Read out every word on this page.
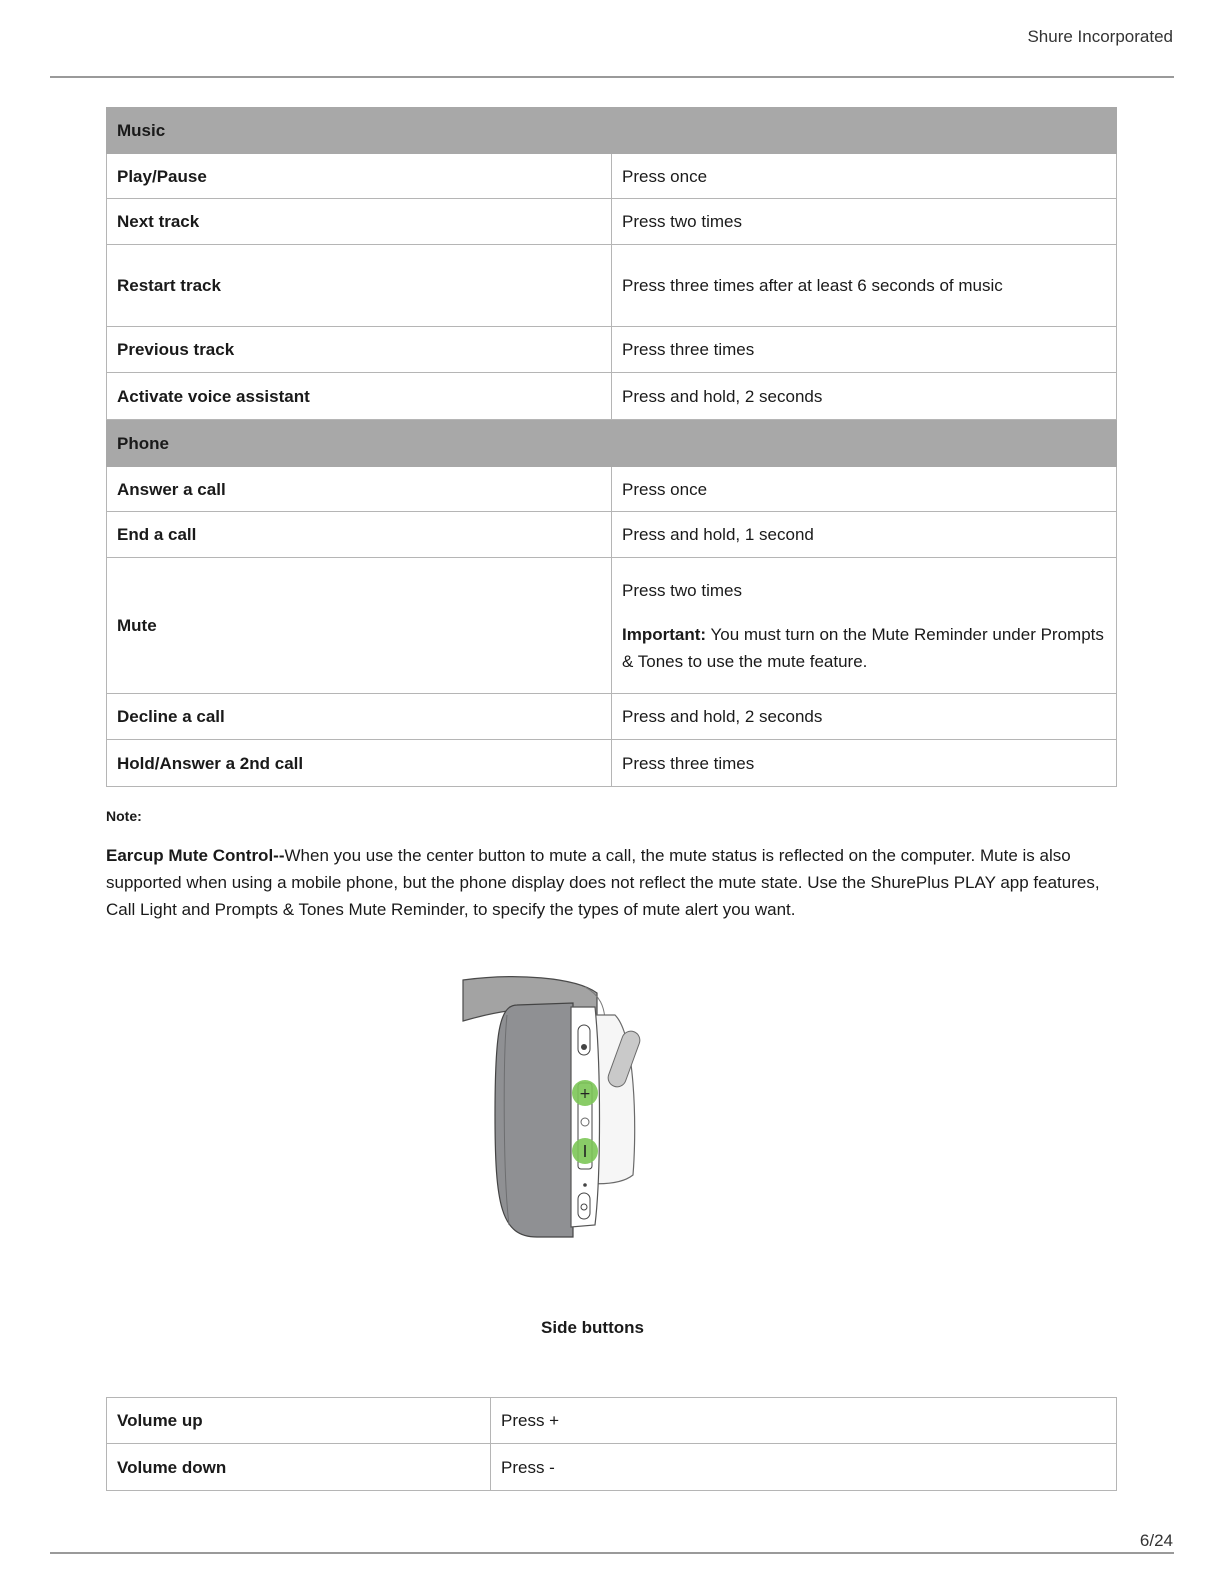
Shure Incorporated
Music	
Play/Pause	Press once
Next track	Press two times
Restart track	Press three times after at least 6 seconds of music
Previous track	Press three times
Activate voice assistant	Press and hold, 2 seconds
Phone	
Answer a call	Press once
End a call	Press and hold, 1 second
Mute	Press two times

Important: You must turn on the Mute Reminder under Prompts & Tones to use the mute feature.

Decline a call	Press and hold, 2 seconds
Hold/Answer a 2nd call	Press three times
Note:
Earcup Mute Control--When you use the center button to mute a call, the mute status is reflected on the computer. Mute is also supported when using a mobile phone, but the phone display does not reflect the mute state. Use the ShurePlus PLAY app features, Call Light and Prompts & Tones Mute Reminder, to specify the types of mute alert you want.
+
Side buttons
Volume up	Press +
Volume down	Press -
6/24
